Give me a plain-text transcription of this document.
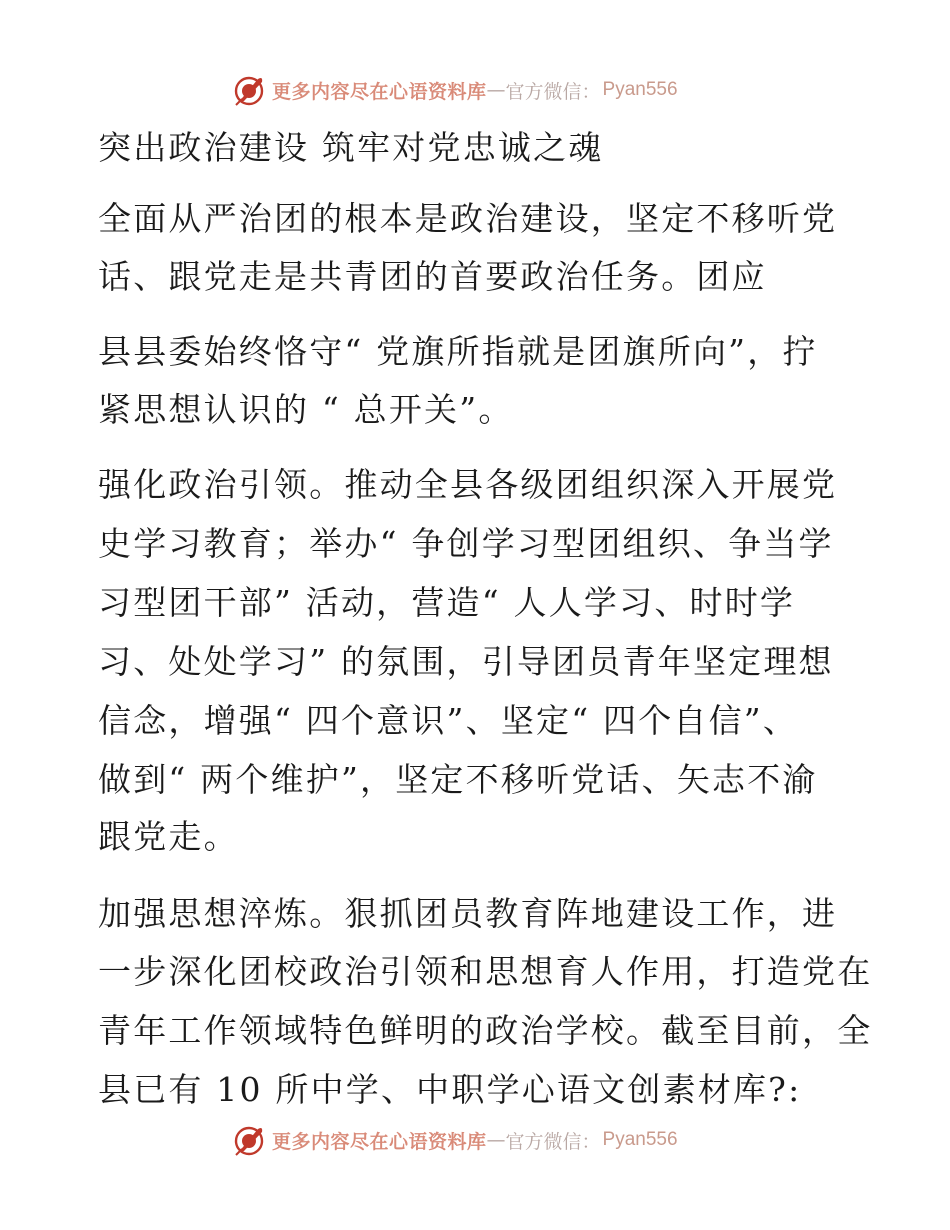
更多内容尽在心语资料库 — 官方微信： Pyan556
突出政治建设 筑牢对党忠诚之魂
全面从严治团的根本是政治建设，坚定不移听党
话、跟党走是共青团的首要政治任务。团应
县县委始终恪守“ 党旗所指就是团旗所向”，拧
紧思想认识的 “ 总开关”。
强化政治引领。推动全县各级团组织深入开展党
史学习教育；举办“ 争创学习型团组织、争当学
习型团干部” 活动，营造“ 人人学习、时时学
习、处处学习” 的氛围，引导团员青年坚定理想
信念，增强“ 四个意识”、坚定“ 四个自信”、
做到“ 两个维护”，坚定不移听党话、矢志不渝
跟党走。
加强思想淬炼。狠抓团员教育阵地建设工作，进
一步深化团校政治引领和思想育人作用，打造党在
青年工作领域特色鲜明的政治学校。截至目前，全
县已有 10 所中学、中职学心语文创素材库?:
更多内容尽在心语资料库 — 官方微信： Pyan556
